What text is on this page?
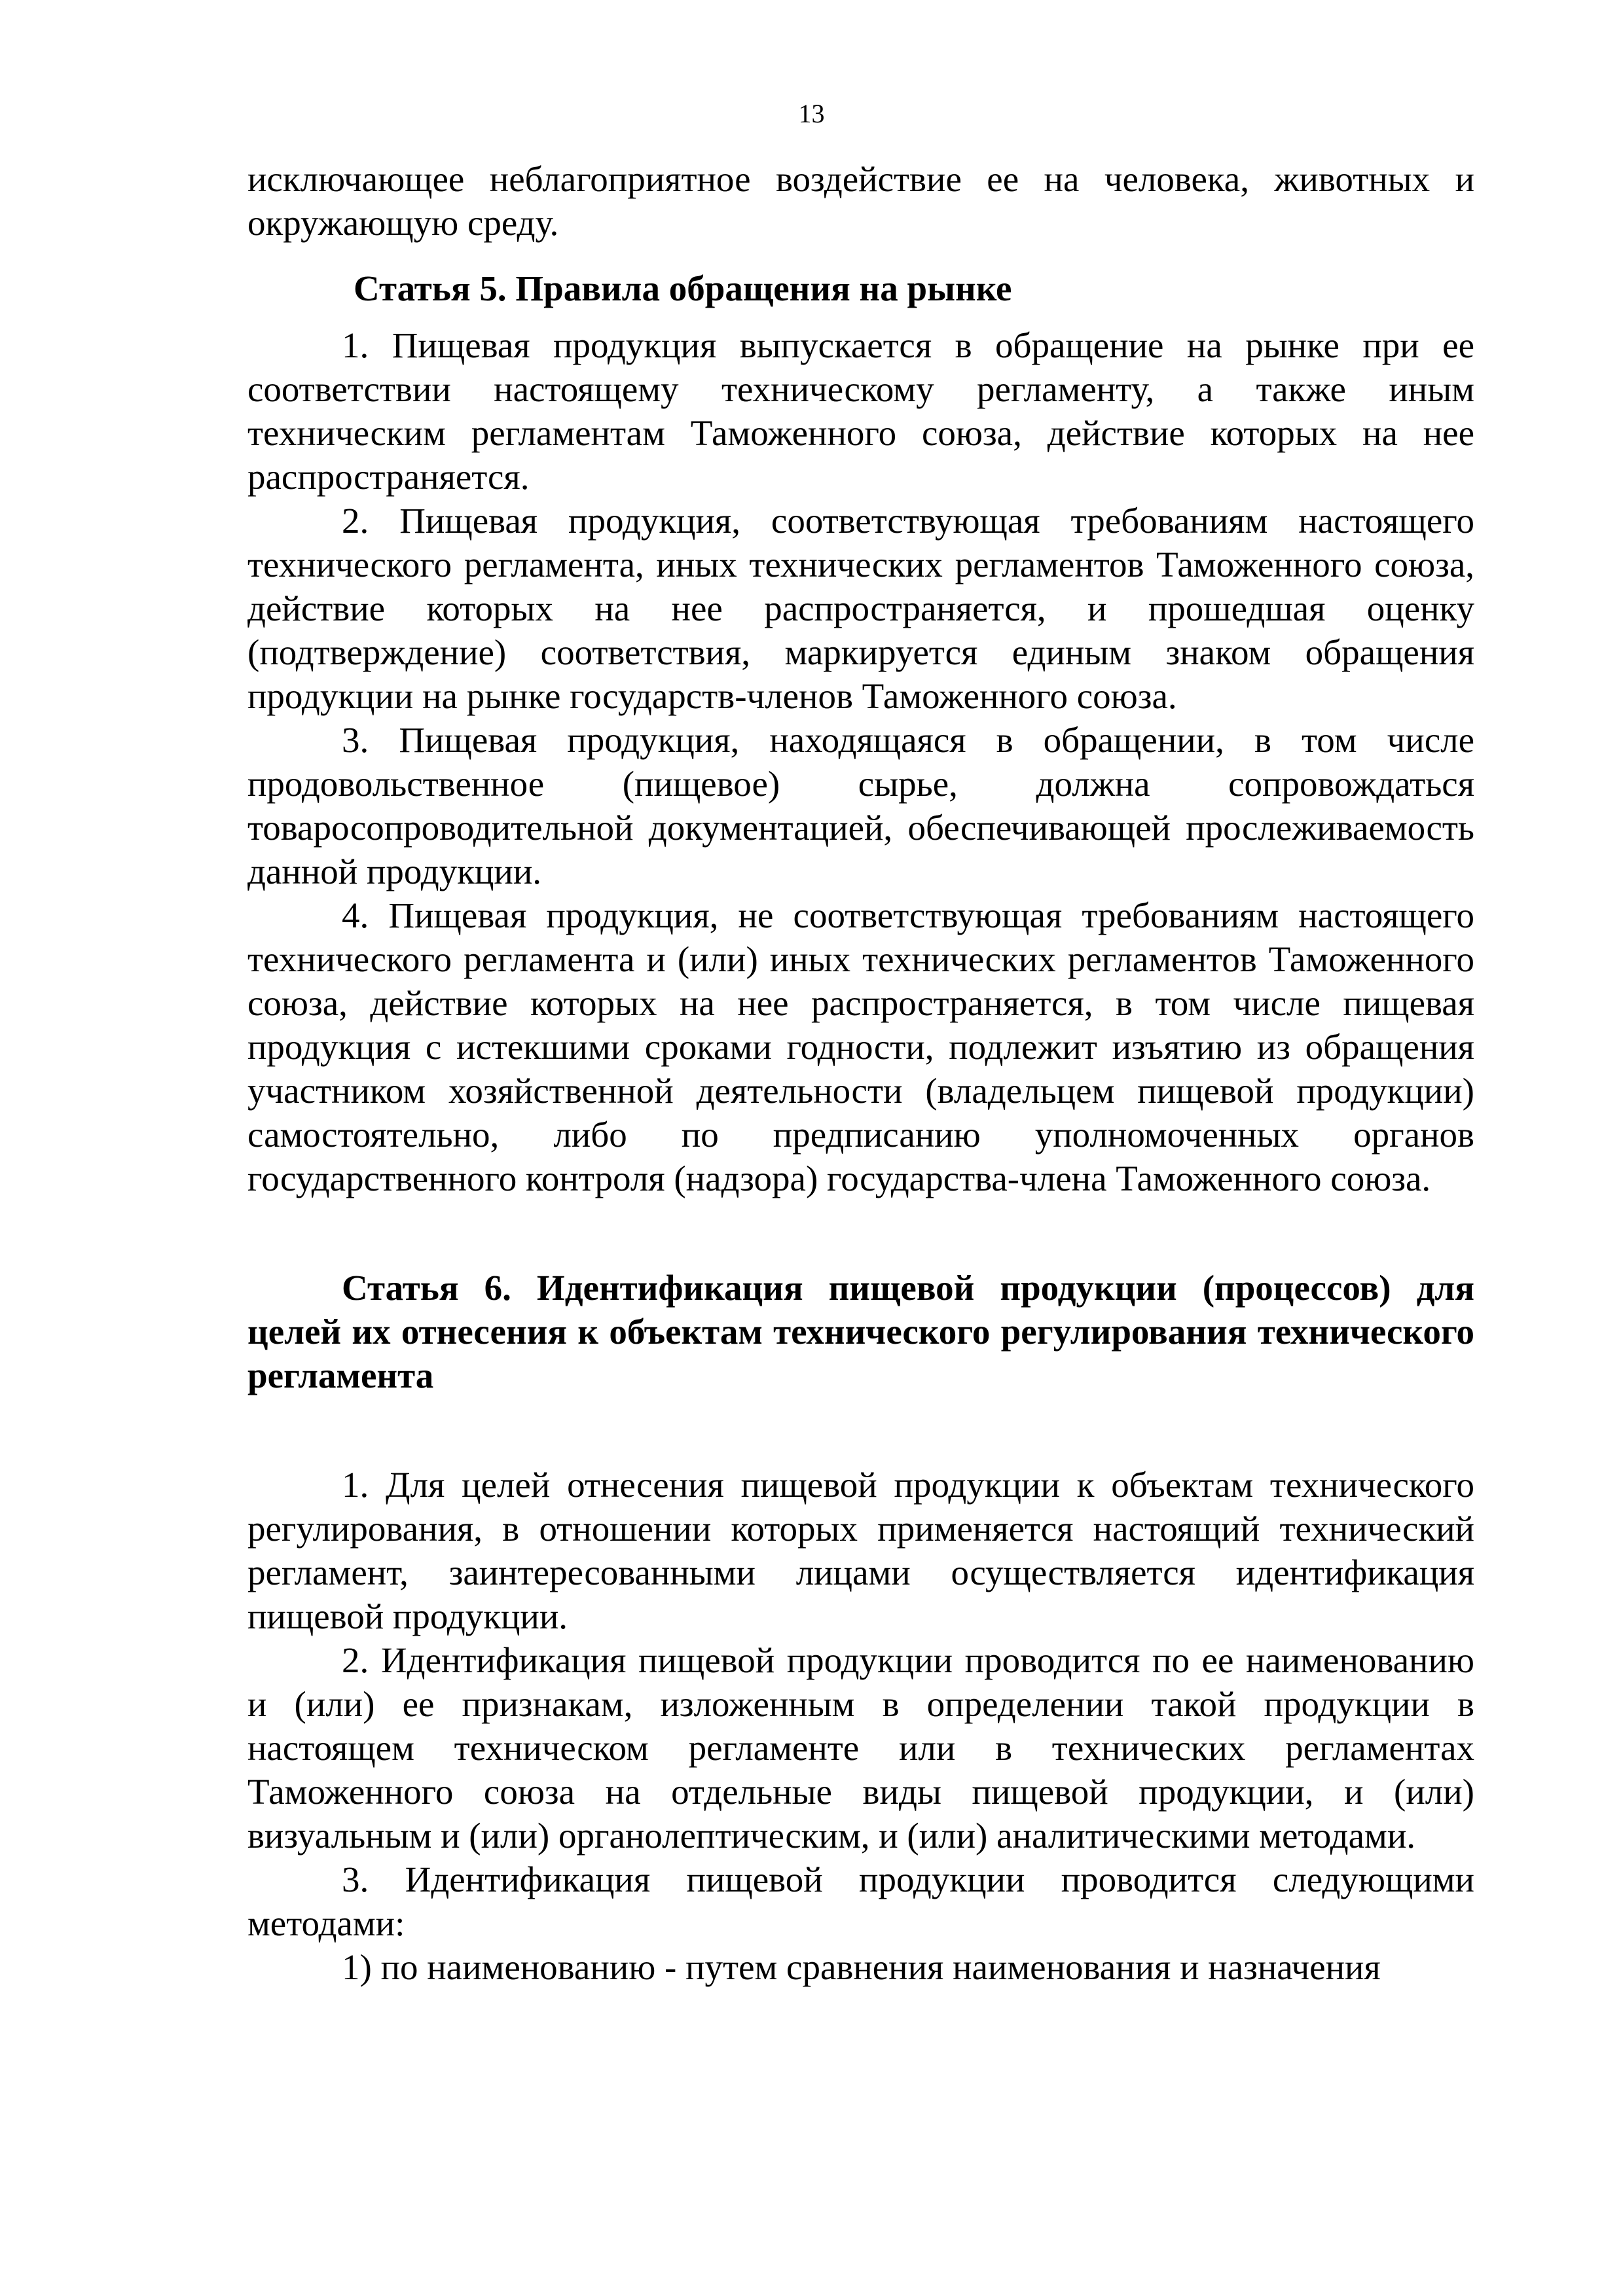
13

исключающее неблагоприятное воздействие ее на человека, животных и окружающую среду.

Статья 5. Правила обращения на рынке

1. Пищевая продукция выпускается в обращение на рынке при ее соответствии настоящему техническому регламенту, а также иным техническим регламентам Таможенного союза, действие которых на нее распространяется.

2. Пищевая продукция, соответствующая требованиям настоящего технического регламента, иных технических регламентов Таможенного союза, действие которых на нее распространяется, и прошедшая оценку (подтверждение) соответствия, маркируется единым знаком обращения продукции на рынке государств-членов Таможенного союза.

3. Пищевая продукция, находящаяся в обращении, в том числе продовольственное (пищевое) сырье, должна сопровождаться товаросопроводительной документацией, обеспечивающей прослеживаемость данной продукции.

4. Пищевая продукция, не соответствующая требованиям настоящего технического регламента и (или) иных технических регламентов Таможенного союза, действие которых на нее распространяется, в том числе пищевая продукция с истекшими сроками годности, подлежит изъятию из обращения участником хозяйственной деятельности (владельцем пищевой продукции) самостоятельно, либо по предписанию уполномоченных органов государственного контроля (надзора) государства-члена Таможенного союза.

Статья 6. Идентификация пищевой продукции (процессов) для целей их отнесения к объектам технического регулирования технического регламента

1. Для целей отнесения пищевой продукции к объектам технического регулирования, в отношении которых применяется настоящий технический регламент, заинтересованными лицами осуществляется идентификация пищевой продукции.

2. Идентификация пищевой продукции проводится по ее наименованию и (или) ее признакам, изложенным в определении такой продукции в настоящем техническом регламенте или в технических регламентах Таможенного союза на отдельные виды пищевой продукции, и (или) визуальным и (или) органолептическим, и (или) аналитическими методами.

3. Идентификация пищевой продукции проводится следующими методами:

1) по наименованию - путем сравнения наименования и назначения
